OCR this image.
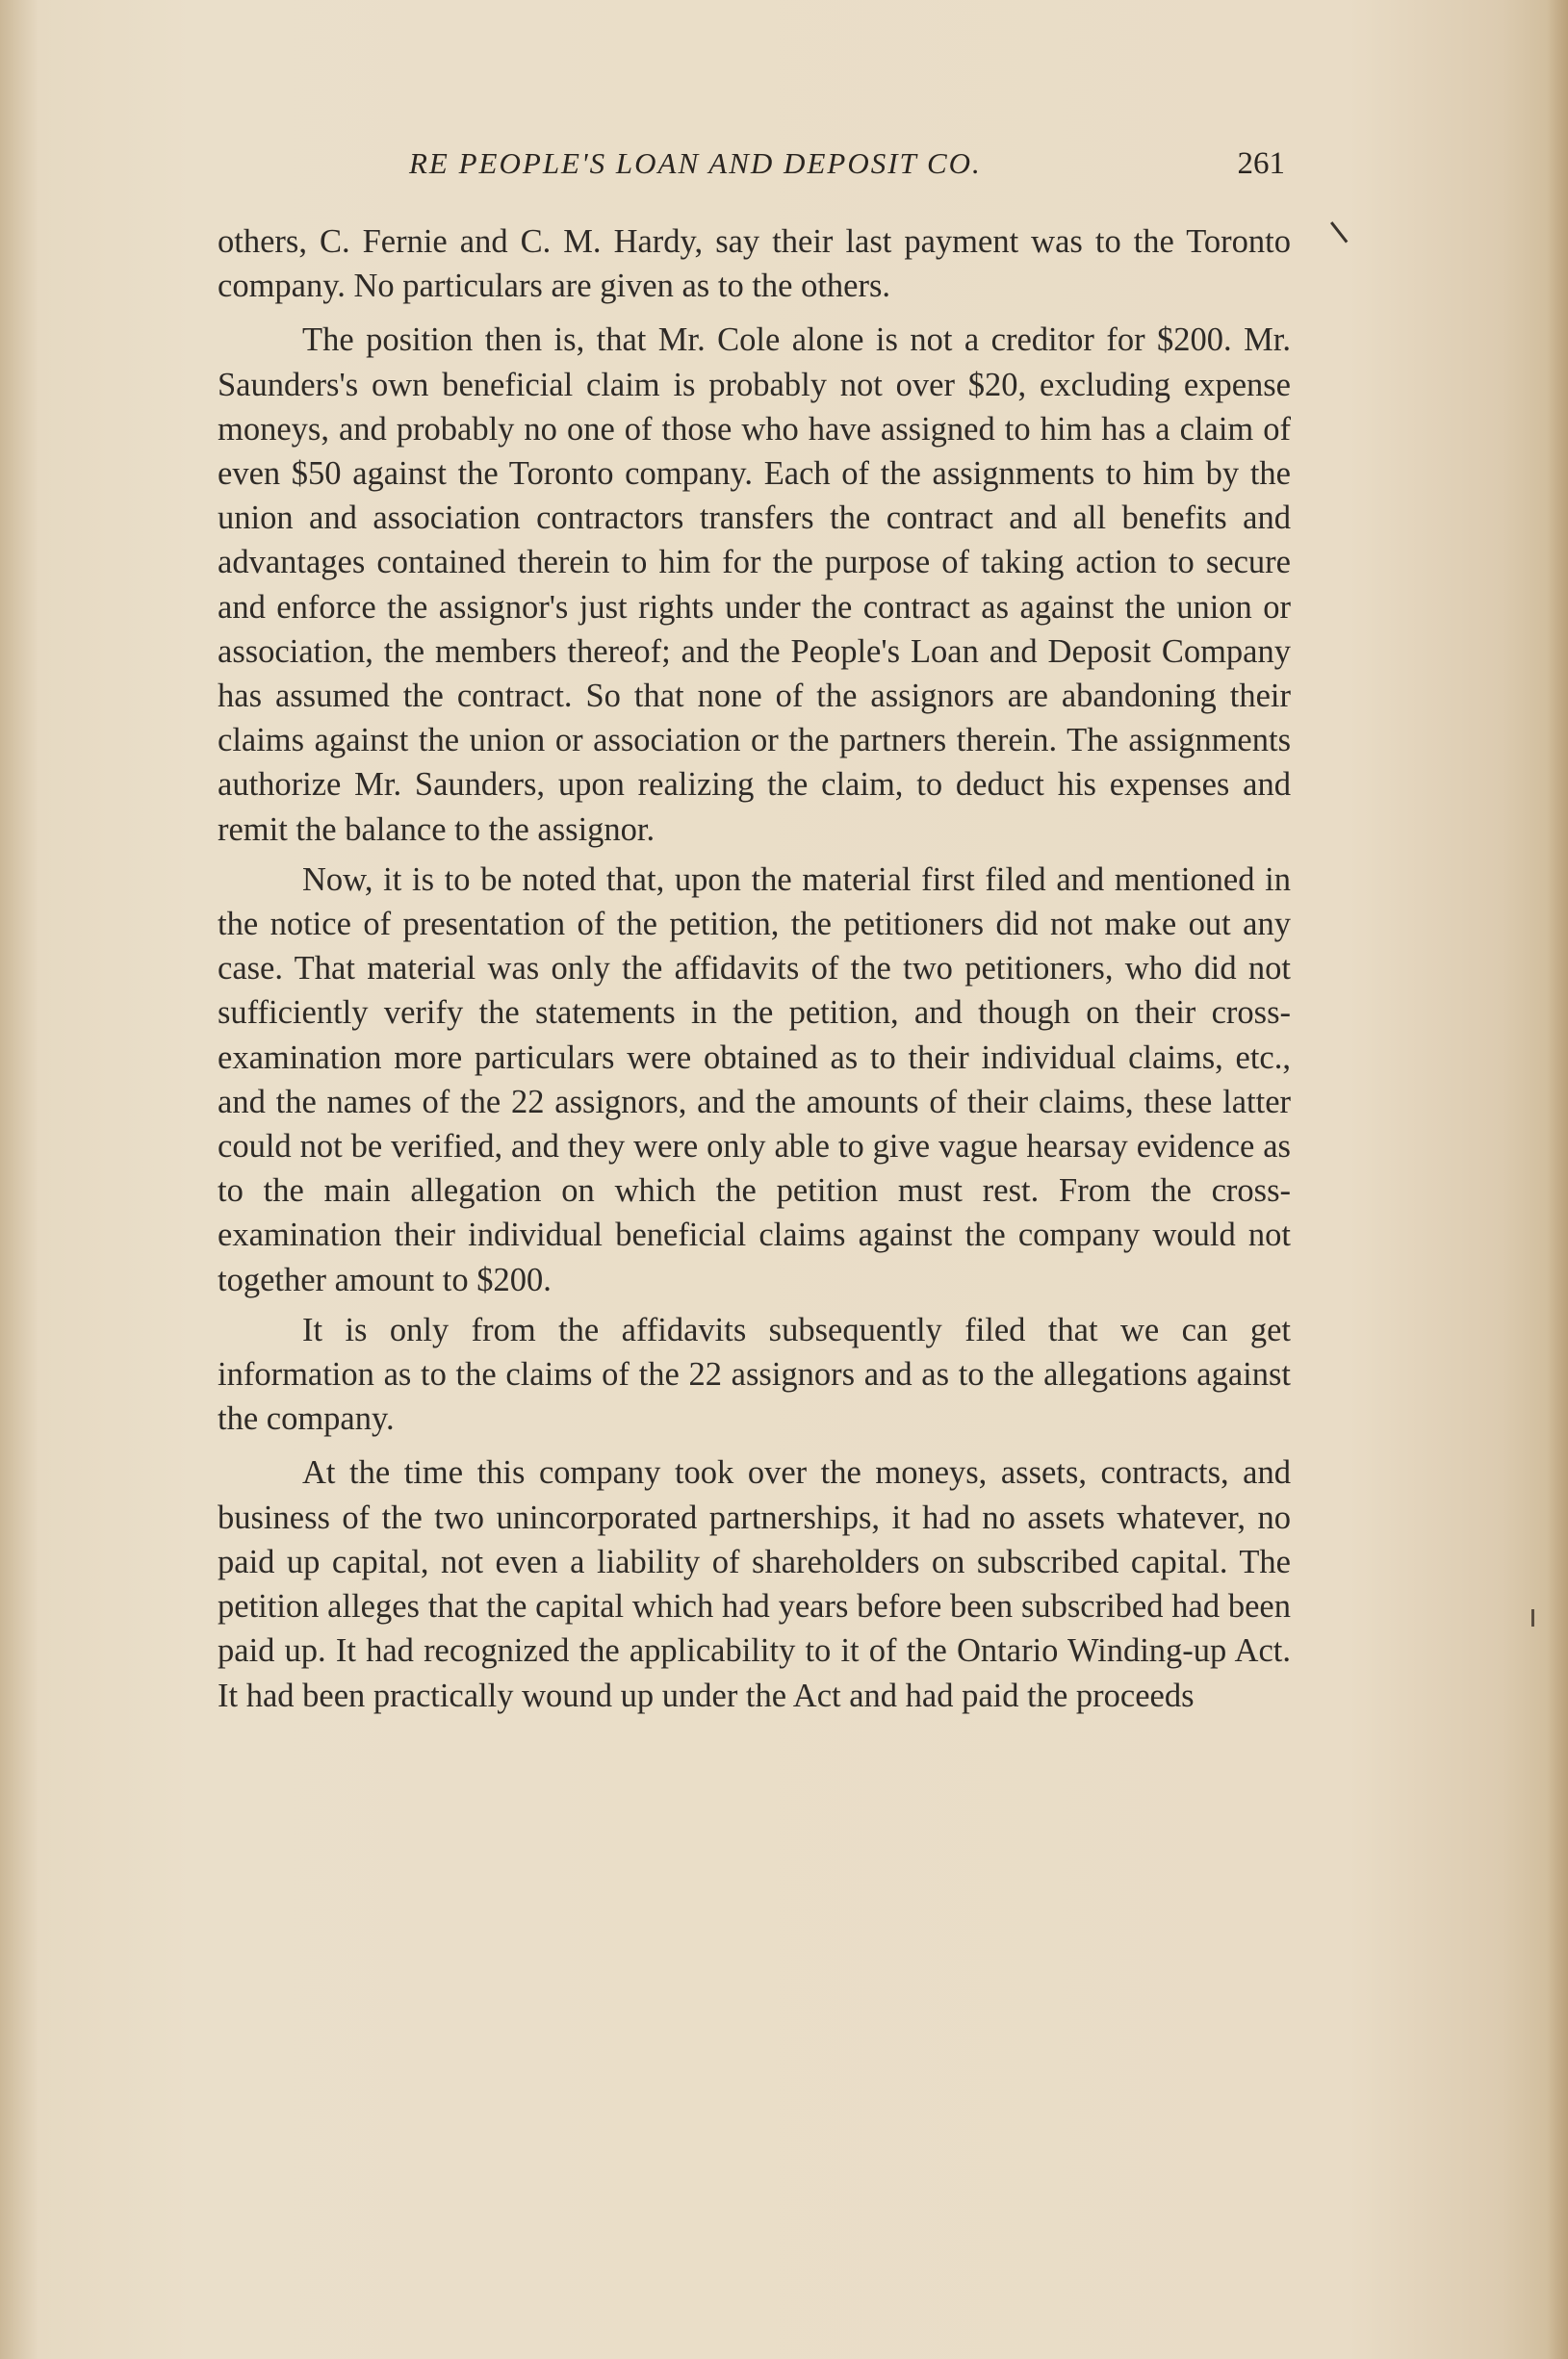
RE PEOPLE'S LOAN AND DEPOSIT CO.	261

others, C. Fernie and C. M. Hardy, say their last payment was to the Toronto company. No particulars are given as to the others.

The position then is, that Mr. Cole alone is not a creditor for $200. Mr. Saunders's own beneficial claim is probably not over $20, excluding expense moneys, and probably no one of those who have assigned to him has a claim of even $50 against the Toronto company. Each of the assignments to him by the union and association contractors transfers the contract and all benefits and advantages contained therein to him for the purpose of taking action to secure and enforce the assignor's just rights under the contract as against the union or association, the members thereof; and the People's Loan and Deposit Company has assumed the contract. So that none of the assignors are abandoning their claims against the union or association or the partners therein. The assignments authorize Mr. Saunders, upon realizing the claim, to deduct his expenses and remit the balance to the assignor.

Now, it is to be noted that, upon the material first filed and mentioned in the notice of presentation of the petition, the petitioners did not make out any case. That material was only the affidavits of the two petitioners, who did not sufficiently verify the statements in the petition, and though on their cross-examination more particulars were obtained as to their individual claims, etc., and the names of the 22 assignors, and the amounts of their claims, these latter could not be verified, and they were only able to give vague hearsay evidence as to the main allegation on which the petition must rest. From the cross-examination their individual beneficial claims against the company would not together amount to $200.

It is only from the affidavits subsequently filed that we can get information as to the claims of the 22 assignors and as to the allegations against the company.

At the time this company took over the moneys, assets, contracts, and business of the two unincorporated partnerships, it had no assets whatever, no paid up capital, not even a liability of shareholders on subscribed capital. The petition alleges that the capital which had years before been subscribed had been paid up. It had recognized the applicability to it of the Ontario Winding-up Act. It had been practically wound up under the Act and had paid the proceeds
